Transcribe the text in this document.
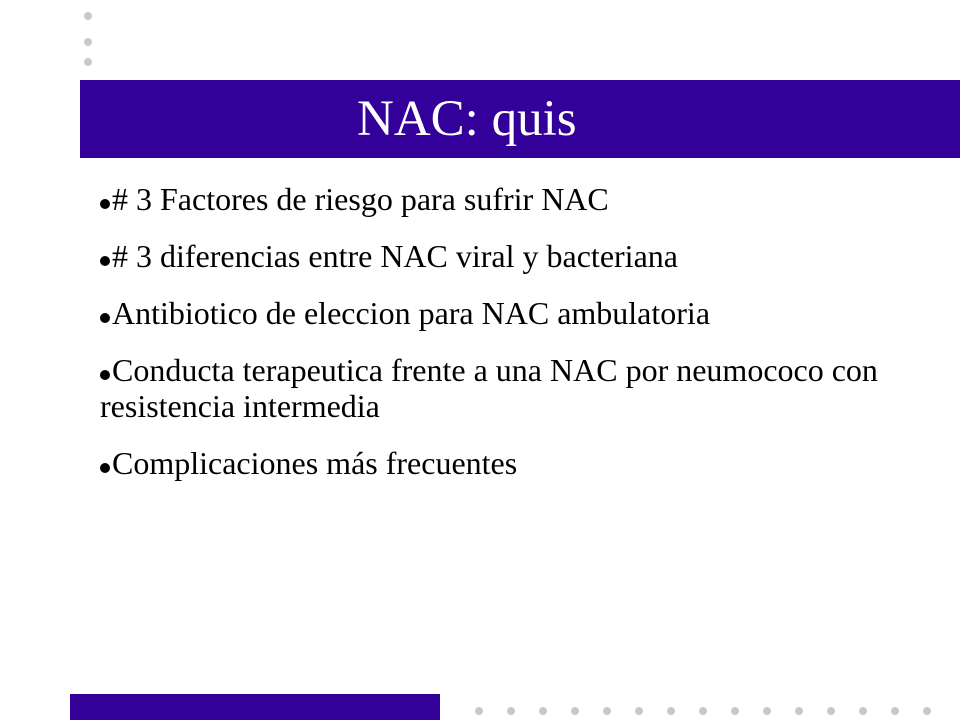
NAC: quis
# 3 Factores de riesgo para sufrir NAC
# 3 diferencias entre NAC viral y bacteriana
Antibiotico de eleccion para NAC ambulatoria
Conducta terapeutica frente a una NAC por neumococo con resistencia intermedia
Complicaciones más frecuentes
